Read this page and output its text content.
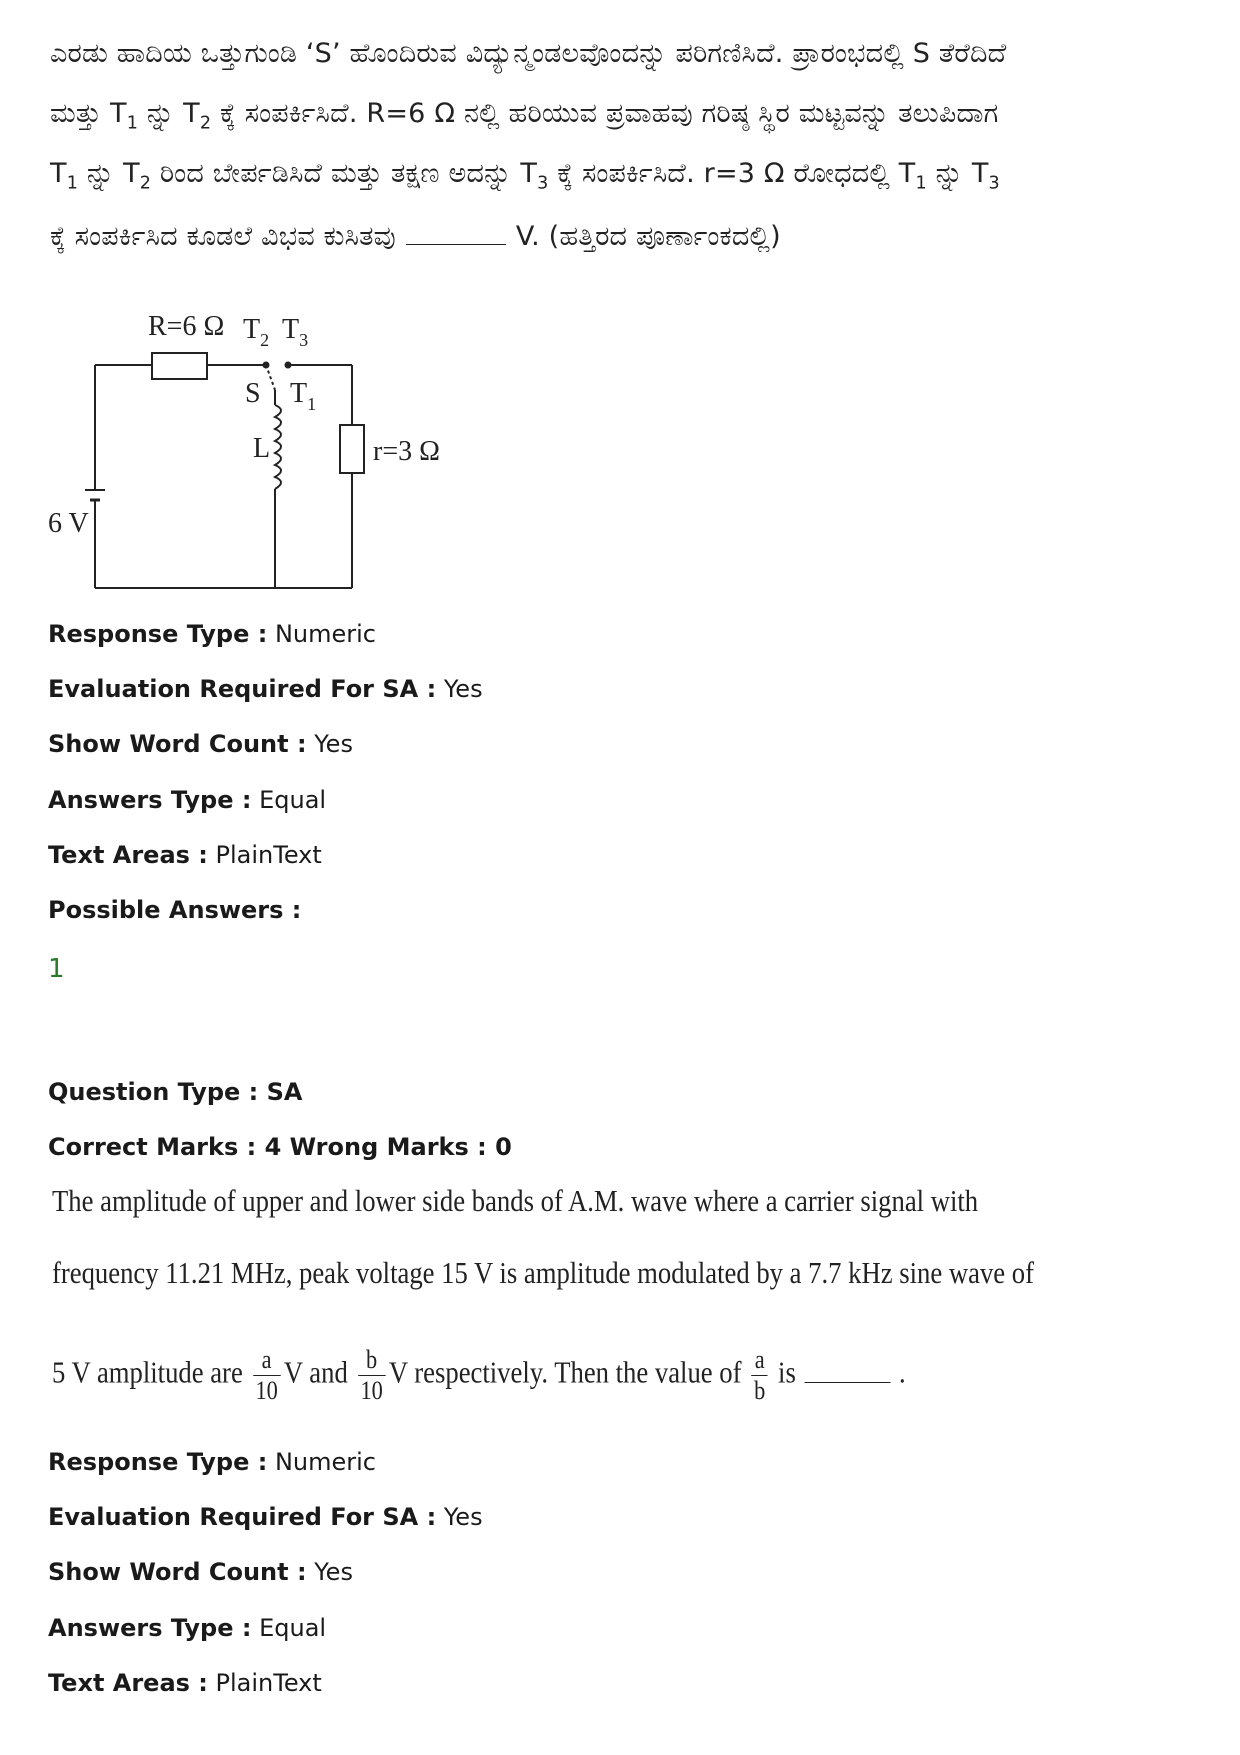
ಎರಡು ಹಾದಿಯ ಒತ್ತುಗುಂಡಿ ‘S’ ಹೊಂದಿರುವ ವಿದ್ಯುನ್ಮಂಡಲವೊಂದನ್ನು ಪರಿಗಣಿಸಿದೆ. ಪ್ರಾರಂಭದಲ್ಲಿ S ತೆರೆದಿದೆ
ಮತ್ತು $T_1$ ನ್ನು $T_2$ ಕ್ಕೆ ಸಂಪರ್ಕಿಸಿದೆ. R=6 Ω ನಲ್ಲಿ ಹರಿಯುವ ಪ್ರವಾಹವು ಗರಿಷ್ಠ ಸ್ಥಿರ ಮಟ್ಟವನ್ನು ತಲುಪಿದಾಗ
$T_1$ ನ್ನು $T_2$ ರಿಂದ ಬೇರ್ಪಡಿಸಿದೆ ಮತ್ತು ತಕ್ಷಣ ಅದನ್ನು $T_3$ ಕ್ಕೆ ಸಂಪರ್ಕಿಸಿದೆ. r=3 Ω ರೋಧದಲ್ಲಿ $T_1$ ನ್ನು $T_3$
ಕ್ಕೆ ಸಂಪರ್ಕಿಸಿದ ಕೂಡಲೆ ವಿಭವ ಕುಸಿತವು	V. (ಹತ್ತಿರದ ಪೂರ್ಣಾಂಕದಲ್ಲಿ)
R=6 Ω $T_2$ $T_3$
S $T_1$
L	r=3 Ω
6 V
Response Type : Numeric
Evaluation Required For SA : Yes
Show Word Count : Yes
Answers Type : Equal
Text Areas : PlainText
Possible Answers :
1
Question Type : SA
Correct Marks : 4 Wrong Marks : 0
The amplitude of upper and lower side bands of A.M. wave where a carrier signal with
frequency 11.21 MHz, peak voltage 15 V is amplitude modulated by a 7.7 kHz sine wave of
5 V amplitude are $\frac{a}{10}$ V and $\frac{b}{10}$ V respectively. Then the value of $\frac{a}{b}$ is	.
Response Type : Numeric
Evaluation Required For SA : Yes
Show Word Count : Yes
Answers Type : Equal
Text Areas : PlainText
